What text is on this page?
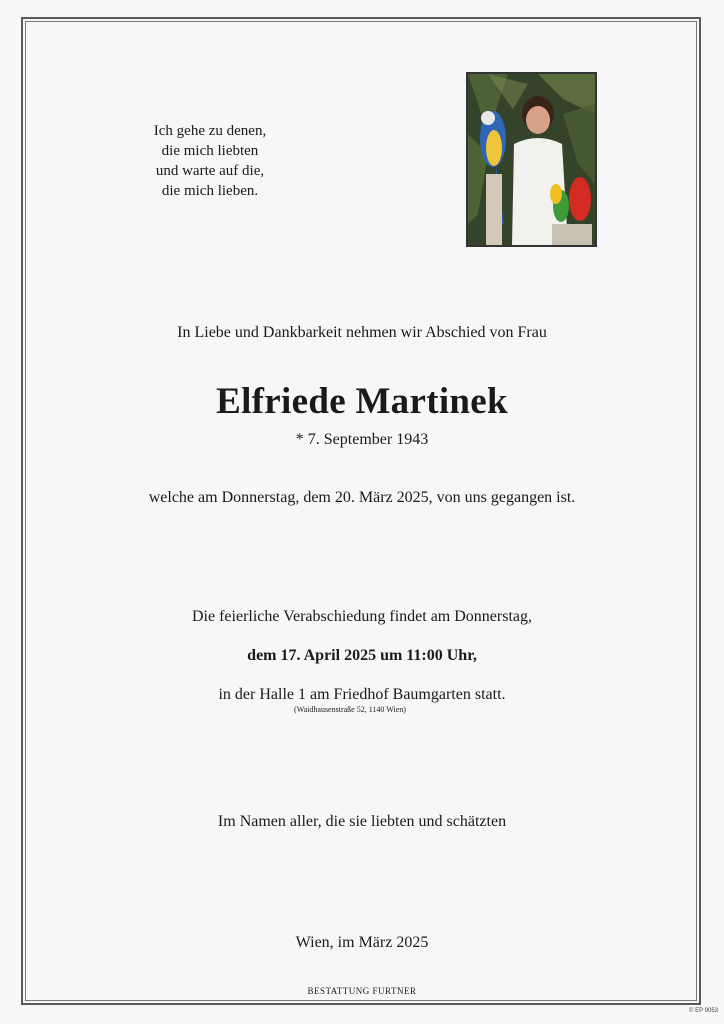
Ich gehe zu denen,
die mich liebten
und warte auf die,
die mich lieben.
In Liebe und Dankbarkeit nehmen wir Abschied von Frau
Elfriede Martinek
* 7. September 1943
welche am Donnerstag, dem 20. März 2025, von uns gegangen ist.
Die feierliche Verabschiedung findet am Donnerstag,
dem 17. April 2025 um 11:00 Uhr,
in der Halle 1 am Friedhof Baumgarten statt.
(Waidhausenstraße 52, 1140 Wien)
Im Namen aller, die sie liebten und schätzten
Wien, im März 2025
BESTATTUNG FURTNER
© EP 9053
